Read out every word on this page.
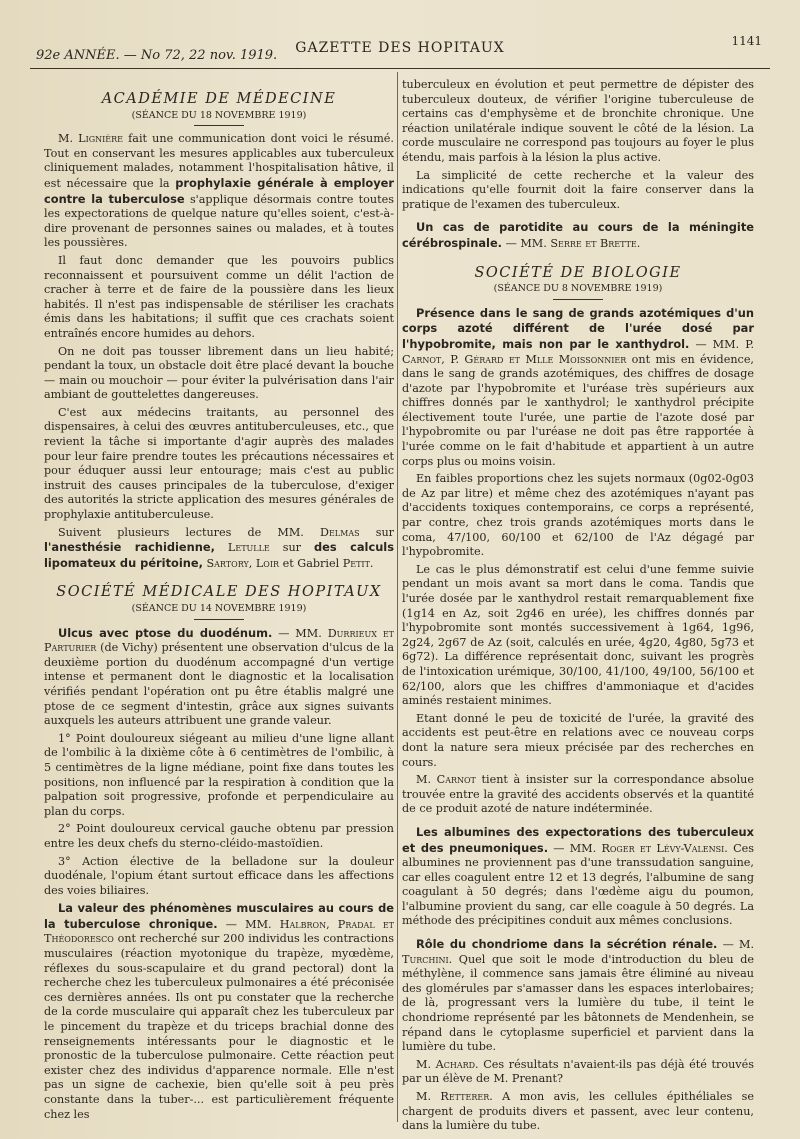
92e ANNÉE. — No 72, 22 nov. 1919.	GAZETTE DES HOPITAUX	1141
ACADÉMIE DE MÉDECINE

(SÉANCE DU 18 NOVEMBRE 1919)

M. Lignière fait une communication dont voici le résumé. Tout en conservant les mesures applicables aux tuberculeux cliniquement malades, notamment l'hospitalisation hâtive, il est nécessaire que la prophylaxie générale à employer contre la tuberculose s'applique désormais contre toutes les expectorations de quelque nature qu'elles soient, c'est-à-dire provenant de personnes saines ou malades, et à toutes les poussières.

Il faut donc demander que les pouvoirs publics reconnaissent et poursuivent comme un délit l'action de cracher à terre et de faire de la poussière dans les lieux habités. Il n'est pas indispensable de stériliser les crachats émis dans les habitations; il suffit que ces crachats soient entraînés encore humides au dehors.

On ne doit pas tousser librement dans un lieu habité; pendant la toux, un obstacle doit être placé devant la bouche — main ou mouchoir — pour éviter la pulvérisation dans l'air ambiant de gouttelettes dangereuses.

C'est aux médecins traitants, au personnel des dispensaires, à celui des œuvres antituberculeuses, etc., que revient la tâche si importante d'agir auprès des malades pour leur faire prendre toutes les précautions nécessaires et pour éduquer aussi leur entourage; mais c'est au public instruit des causes principales de la tuberculose, d'exiger des autorités la stricte application des mesures générales de prophylaxie antituberculeuse.

Suivent plusieurs lectures de MM. Delmas sur l'anesthésie rachidienne, Letulle sur des calculs lipomateux du péritoine, Sartory, Loir et Gabriel Petit.

SOCIÉTÉ MÉDICALE DES HOPITAUX

(SÉANCE DU 14 NOVEMBRE 1919)

Ulcus avec ptose du duodénum. — MM. Durrieux et Parturier (de Vichy) présentent une observation d'ulcus de la deuxième portion du duodénum accompagné d'un vertige intense et permanent dont le diagnostic et la localisation vérifiés pendant l'opération ont pu être établis malgré une ptose de ce segment d'intestin, grâce aux signes suivants auxquels les auteurs attribuent une grande valeur.

1° Point douloureux siégeant au milieu d'une ligne allant de l'ombilic à la dixième côte à 6 centimètres de l'ombilic, à 5 centimètres de la ligne médiane, point fixe dans toutes les positions, non influencé par la respiration à condition que la palpation soit progressive, profonde et perpendiculaire au plan du corps.

2° Point douloureux cervical gauche obtenu par pression entre les deux chefs du sterno-cléido-mastoïdien.

3° Action élective de la belladone sur la douleur duodénale, l'opium étant surtout efficace dans les affections des voies biliaires.

La valeur des phénomènes musculaires au cours de la tuberculose chronique. — MM. Halbron, Pradal et Théodoresco ont recherché sur 200 individus les contractions musculaires (réaction myotonique du trapèze, myœdème, réflexes du sous-scapulaire et du grand pectoral) dont la recherche chez les tuberculeux pulmonaires a été préconisée ces dernières années. Ils ont pu constater que la recherche de la corde musculaire qui apparaît chez les tuberculeux par le pincement du trapèze et du triceps brachial donne des renseignements intéressants pour le diagnostic et le pronostic de la tuberculose pulmonaire. Cette réaction peut exister chez des individus d'apparence normale. Elle n'est pas un signe de cachexie, bien qu'elle soit à peu près constante dans la tuber-... est particulièrement fréquente chez les

tuberculeux en évolution et peut permettre de dépister des tuberculeux douteux, de vérifier l'origine tuberculeuse de certains cas d'emphysème et de bronchite chronique. Une réaction unilatérale indique souvent le côté de la lésion. La corde musculaire ne correspond pas toujours au foyer le plus étendu, mais parfois à la lésion la plus active.

La simplicité de cette recherche et la valeur des indications qu'elle fournit doit la faire conserver dans la pratique de l'examen des tuberculeux.

Un cas de parotidite au cours de la méningite cérébrospinale. — MM. Serre et Brette.

SOCIÉTÉ DE BIOLOGIE

(SÉANCE DU 8 NOVEMBRE 1919)

Présence dans le sang de grands azotémiques d'un corps azoté différent de l'urée dosé par l'hypobromite, mais non par le xanthydrol. — MM. P. Carnot, P. Gérard et Mlle Moissonnier ont mis en évidence, dans le sang de grands azotémiques, des chiffres de dosage d'azote par l'hypobromite et l'uréase très supérieurs aux chiffres donnés par le xanthydrol; le xanthydrol précipite électivement toute l'urée, une partie de l'azote dosé par l'hypobromite ou par l'uréase ne doit pas être rapportée à l'urée comme on le fait d'habitude et appartient à un autre corps plus ou moins voisin.

En faibles proportions chez les sujets normaux (0g02-0g03 de Az par litre) et même chez des azotémiques n'ayant pas d'accidents toxiques contemporains, ce corps a représenté, par contre, chez trois grands azotémiques morts dans le coma, 47/100, 60/100 et 62/100 de l'Az dégagé par l'hypobromite.

Le cas le plus démonstratif est celui d'une femme suivie pendant un mois avant sa mort dans le coma. Tandis que l'urée dosée par le xanthydrol restait remarquablement fixe (1g14 en Az, soit 2g46 en urée), les chiffres donnés par l'hypobromite sont montés successivement à 1g64, 1g96, 2g24, 2g67 de Az (soit, calculés en urée, 4g20, 4g80, 5g73 et 6g72). La différence représentait donc, suivant les progrès de l'intoxication urémique, 30/100, 41/100, 49/100, 56/100 et 62/100, alors que les chiffres d'ammoniaque et d'acides aminés restaient minimes.

Etant donné le peu de toxicité de l'urée, la gravité des accidents est peut-être en relations avec ce nouveau corps dont la nature sera mieux précisée par des recherches en cours.

M. Carnot tient à insister sur la correspondance absolue trouvée entre la gravité des accidents observés et la quantité de ce produit azoté de nature indéterminée.

Les albumines des expectorations des tuberculeux et des pneumoniques. — MM. Roger et Lévy-Valensi. Ces albumines ne proviennent pas d'une transsudation sanguine, car elles coagulent entre 12 et 13 degrés, l'albumine de sang coagulant à 50 degrés; dans l'œdème aigu du poumon, l'albumine provient du sang, car elle coagule à 50 degrés. La méthode des précipitines conduit aux mêmes conclusions.

Rôle du chondriome dans la sécrétion rénale. — M. Turchini. Quel que soit le mode d'introduction du bleu de méthylène, il commence sans jamais être éliminé au niveau des glomérules par s'amasser dans les espaces interlobaires; de là, progressant vers la lumière du tube, il teint le chondriome représenté par les bâtonnets de Mendenhein, se répand dans le cytoplasme superficiel et parvient dans la lumière du tube.

M. Achard. Ces résultats n'avaient-ils pas déjà été trouvés par un élève de M. Prenant?

M. Retterer. A mon avis, les cellules épithéliales se chargent de produits divers et passent, avec leur contenu, dans la lumière du tube.
